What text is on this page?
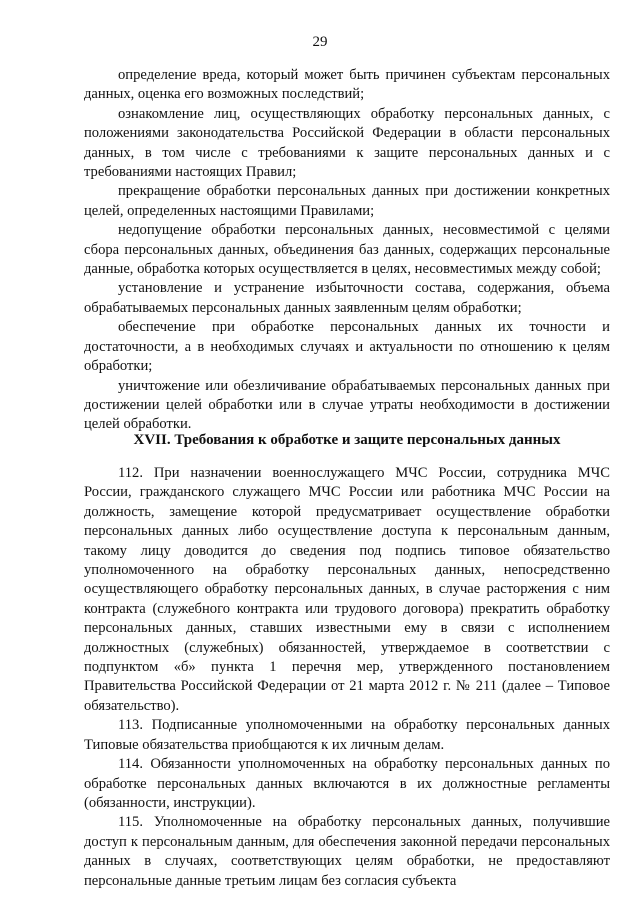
29

определение вреда, который может быть причинен субъектам персональных данных, оценка его возможных последствий;

ознакомление лиц, осуществляющих обработку персональных данных, с положениями законодательства Российской Федерации в области персональных данных, в том числе с требованиями к защите персональных данных и с требованиями настоящих Правил;

прекращение обработки персональных данных при достижении конкретных целей, определенных настоящими Правилами;

недопущение обработки персональных данных, несовместимой с целями сбора персональных данных, объединения баз данных, содержащих персональные данные, обработка которых осуществляется в целях, несовместимых между собой;

установление и устранение избыточности состава, содержания, объема обрабатываемых персональных данных заявленным целям обработки;

обеспечение при обработке персональных данных их точности и достаточности, а в необходимых случаях и актуальности по отношению к целям обработки;

уничтожение или обезличивание обрабатываемых персональных данных при достижении целей обработки или в случае утраты необходимости в достижении целей обработки.

XVII. Требования к обработке и защите персональных данных

112. При назначении военнослужащего МЧС России, сотрудника МЧС России, гражданского служащего МЧС России или работника МЧС России на должность, замещение которой предусматривает осуществление обработки персональных данных либо осуществление доступа к персональным данным, такому лицу доводится до сведения под подпись типовое обязательство уполномоченного на обработку персональных данных, непосредственно осуществляющего обработку персональных данных, в случае расторжения с ним контракта (служебного контракта или трудового договора) прекратить обработку персональных данных, ставших известными ему в связи с исполнением должностных (служебных) обязанностей, утверждаемое в соответствии с подпунктом «б» пункта 1 перечня мер, утвержденного постановлением Правительства Российской Федерации от 21 марта 2012 г. № 211 (далее – Типовое обязательство).

113. Подписанные уполномоченными на обработку персональных данных Типовые обязательства приобщаются к их личным делам.

114. Обязанности уполномоченных на обработку персональных данных по обработке персональных данных включаются в их должностные регламенты (обязанности, инструкции).

115. Уполномоченные на обработку персональных данных, получившие доступ к персональным данным, для обеспечения законной передачи персональных данных в случаях, соответствующих целям обработки, не предоставляют персональные данные третьим лицам без согласия субъекта
